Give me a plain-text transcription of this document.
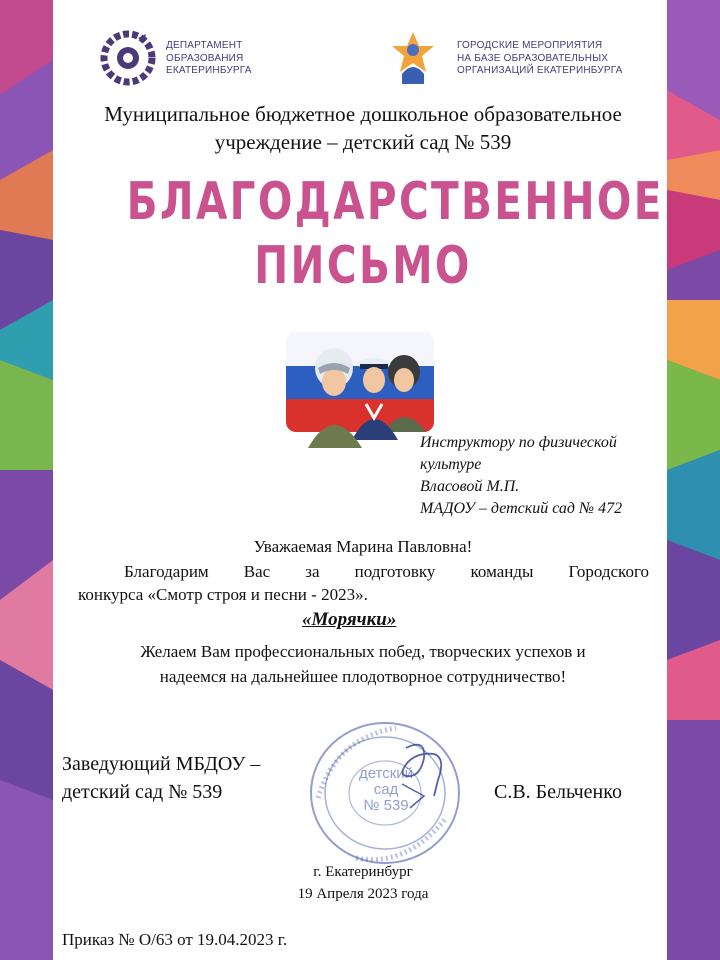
ДЕПАРТАМЕНТ
ОБРАЗОВАНИЯ
ЕКАТЕРИНБУРГА
ГОРОДСКИЕ МЕРОПРИЯТИЯ
НА БАЗЕ ОБРАЗОВАТЕЛЬНЫХ
ОРГАНИЗАЦИЙ ЕКАТЕРИНБУРГА
Муниципальное бюджетное дошкольное образовательное
учреждение – детский сад № 539
БЛАГОДАРСТВЕННОЕ
ПИСЬМО
Инструктору по физической
культуре
Власовой М.П.
МАДОУ – детский сад № 472
Уважаемая Марина Павловна!
Благодарим Вас за подготовку команды Городского
конкурса «Смотр строя и песни - 2023».
«Морячки»
Желаем Вам профессиональных побед, творческих успехов и
надеемся на дальнейшее плодотворное сотрудничество!
детский
сад
№ 539
Заведующий МБДОУ –
детский сад № 539	С.В. Бельченко
г. Екатеринбург
19 Апреля 2023 года
Приказ № О/63 от 19.04.2023 г.
